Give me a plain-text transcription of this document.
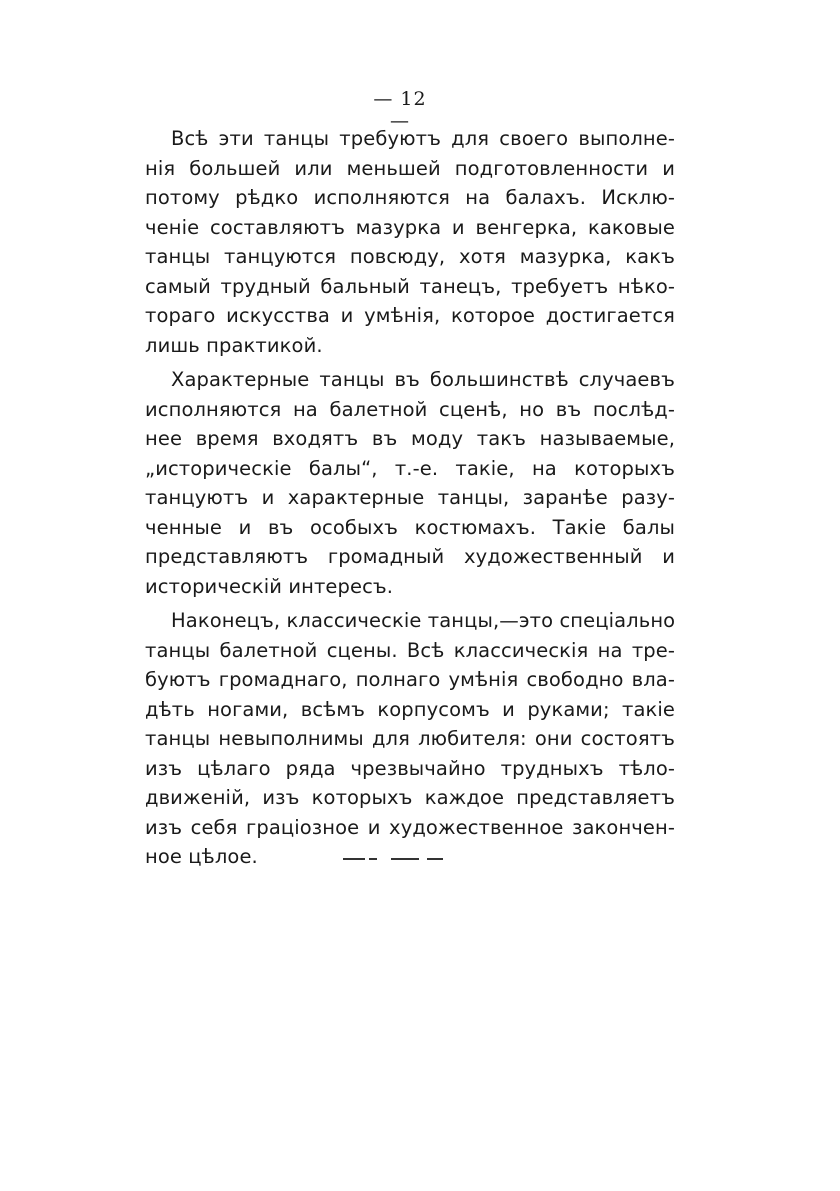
— 12 —
Всѣ эти танцы требуютъ для своего выполне-
нія большей или меньшей подготовленности и
потому рѣдко исполняются на балахъ. Исклю-
ченіе составляютъ мазурка и венгерка, каковые
танцы танцуются повсюду, хотя мазурка, какъ
самый трудный бальный танецъ, требуетъ нѣко-
тораго искусства и умѣнія, которое достигается
лишь практикой.
Характерные танцы въ большинствѣ случаевъ
исполняются на балетной сценѣ, но въ послѣд-
нее время входятъ въ моду такъ называемые,
„историческіе балы“, т.-е. такіе, на которыхъ
танцуютъ и характерные танцы, заранѣе разу-
ченные и въ особыхъ костюмахъ. Такіе балы
представляютъ громадный художественный и
историческій интересъ.
Наконецъ, классическіе танцы,—это спеціально
танцы балетной сцены. Всѣ классическія на тре-
буютъ громаднаго, полнаго умѣнія свободно вла-
дѣть ногами, всѣмъ корпусомъ и руками; такіе
танцы невыполнимы для любителя: они состоятъ
изъ цѣлаго ряда чрезвычайно трудныхъ тѣло-
движеній, изъ которыхъ каждое представляетъ
изъ себя граціозное и художественное закончен-
ное цѣлое.
